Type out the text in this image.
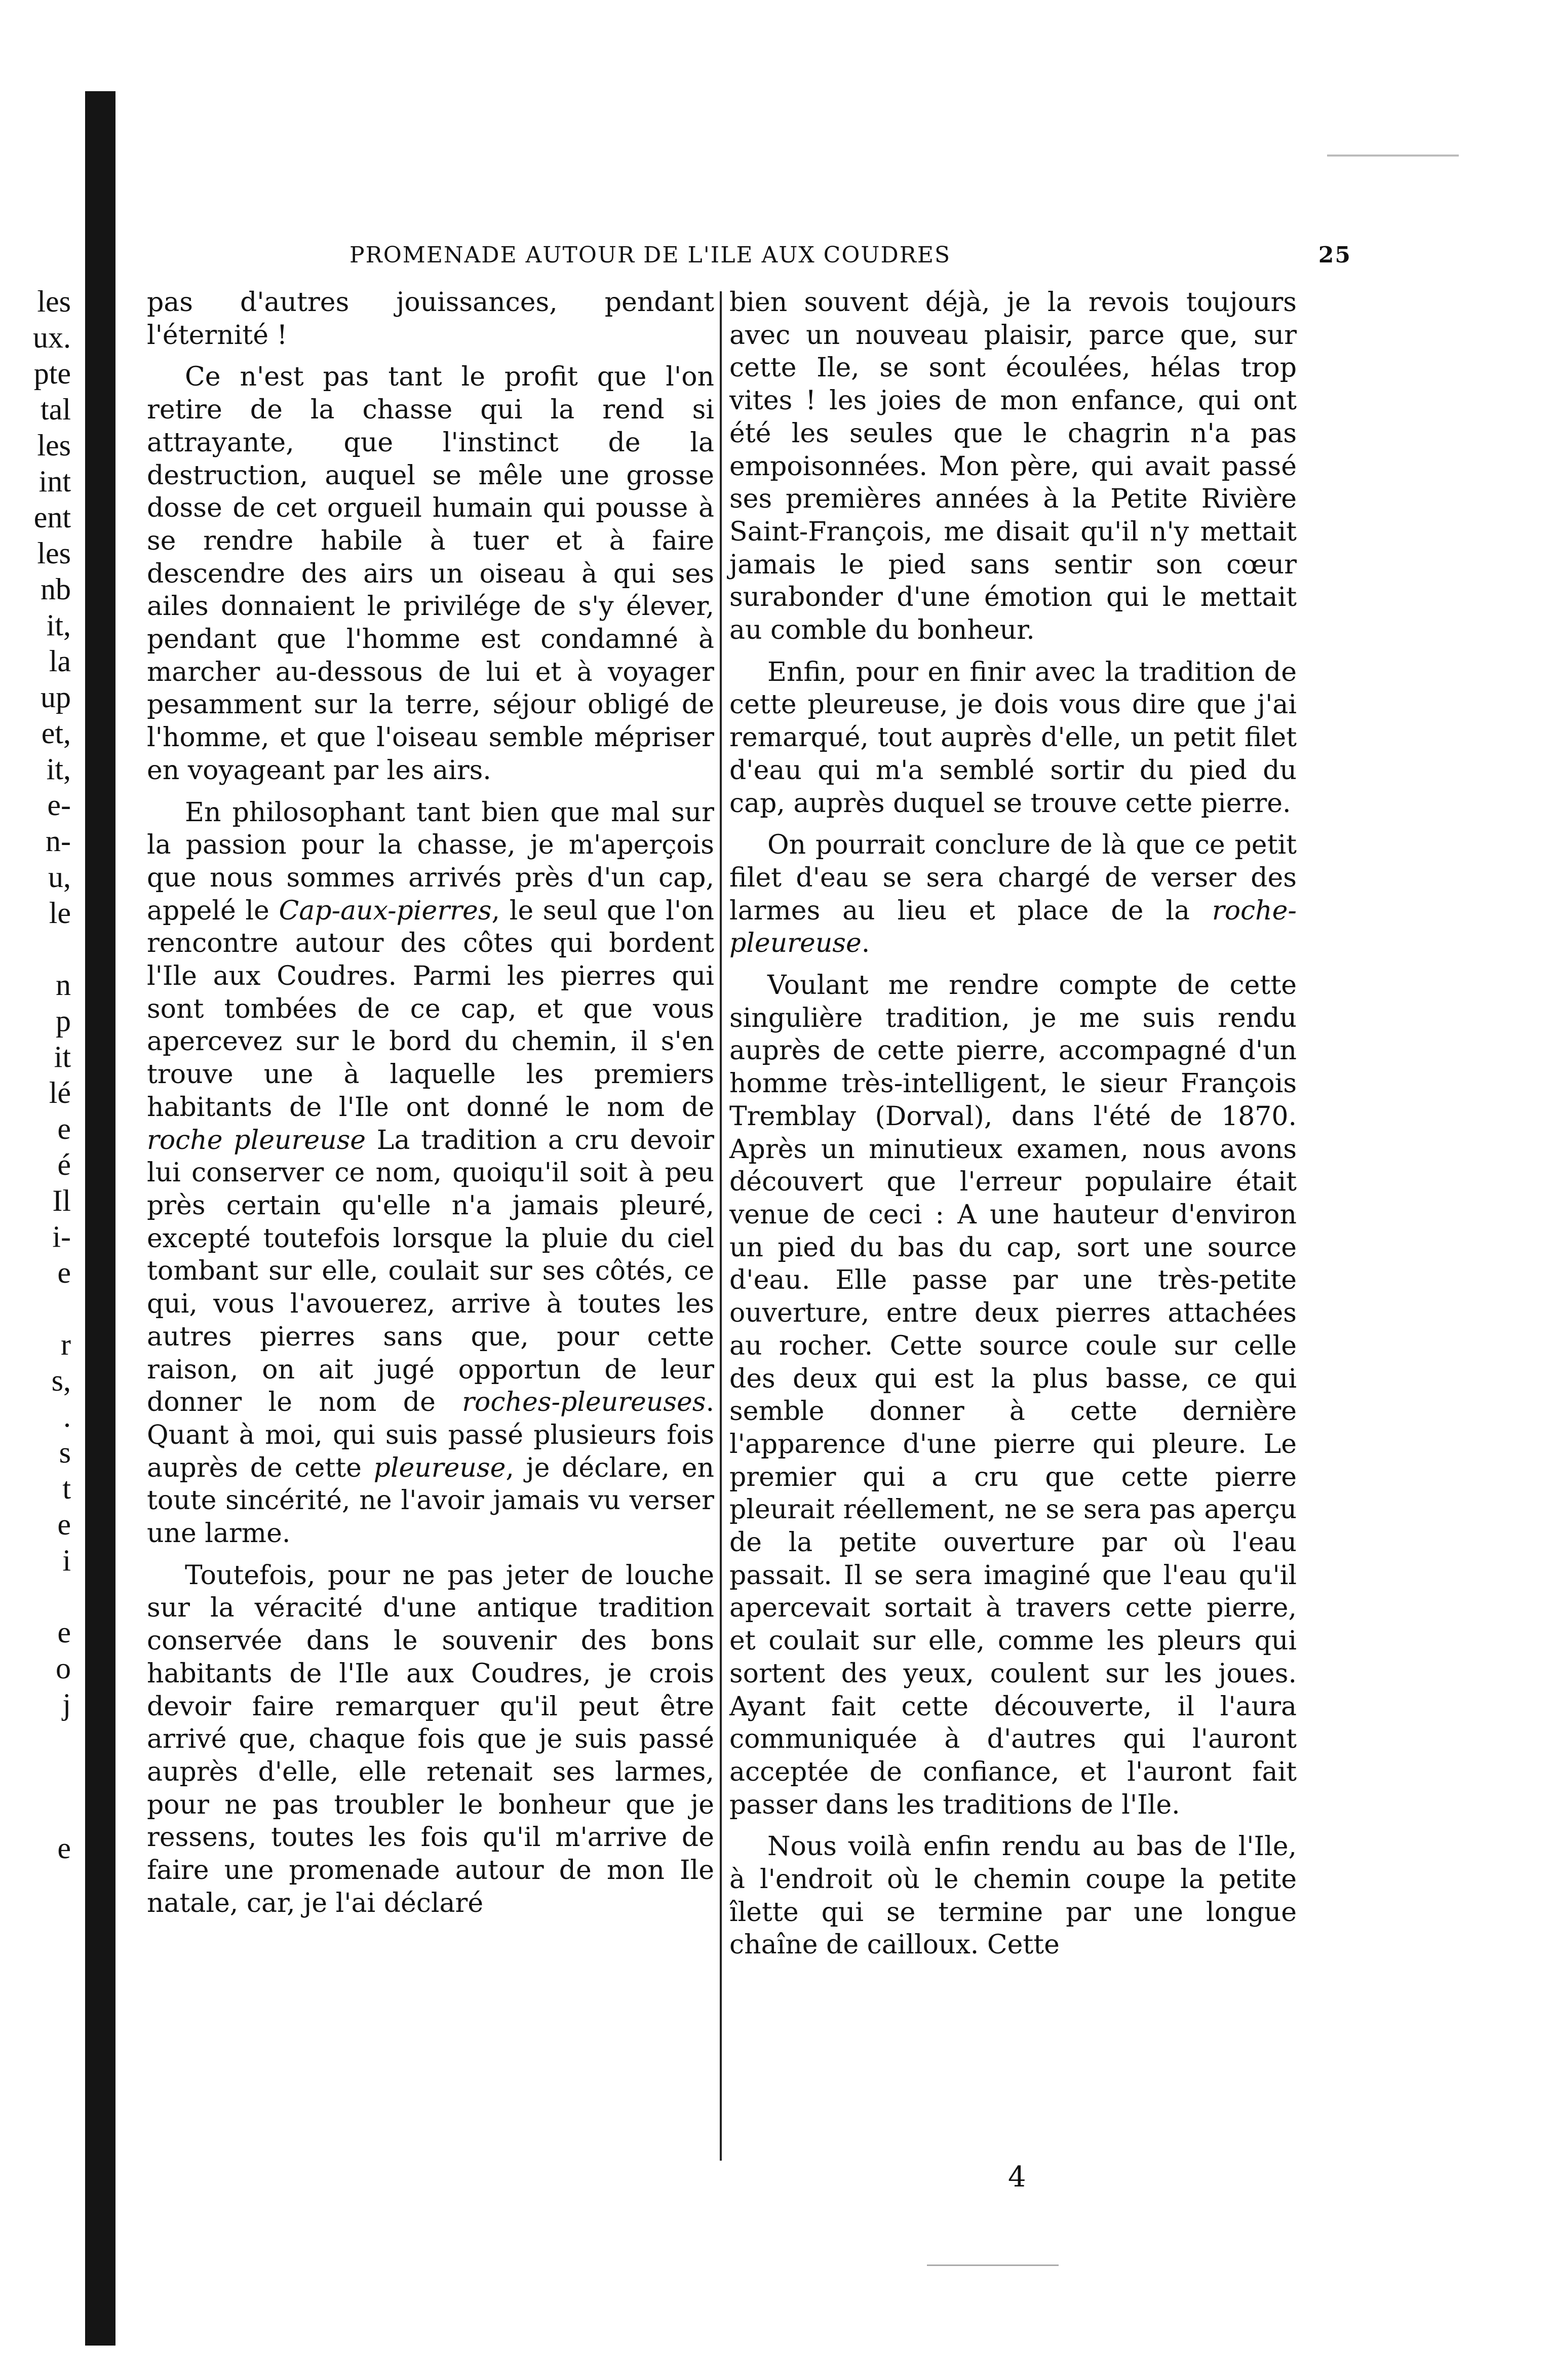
les
ux.
pte
tal
les
int
ent
les
nb
it,
la
up
et,
it,
e-
n-
u,
le

n
p
it
lé
e
é
Il
i-
e

r
s,
.
s
t
e
i

e
o
j

e
PROMENADE AUTOUR DE L'ILE AUX COUDRES	25

pas d'autres jouissances, pendant l'éternité !

Ce n'est pas tant le profit que l'on retire de la chasse qui la rend si attrayante, que l'instinct de la destruction, auquel se mêle une grosse dosse de cet orgueil humain qui pousse à se rendre habile à tuer et à faire descendre des airs un oiseau à qui ses ailes donnaient le privilége de s'y élever, pendant que l'homme est condamné à marcher au-dessous de lui et à voyager pesamment sur la terre, séjour obligé de l'homme, et que l'oiseau semble mépriser en voyageant par les airs.

En philosophant tant bien que mal sur la passion pour la chasse, je m'aperçois que nous sommes arrivés près d'un cap, appelé le Cap-aux-pierres, le seul que l'on rencontre autour des côtes qui bordent l'Ile aux Coudres. Parmi les pierres qui sont tombées de ce cap, et que vous apercevez sur le bord du chemin, il s'en trouve une à laquelle les premiers habitants de l'Ile ont donné le nom de roche pleureuse La tradition a cru devoir lui conserver ce nom, quoiqu'il soit à peu près certain qu'elle n'a jamais pleuré, excepté toutefois lorsque la pluie du ciel tombant sur elle, coulait sur ses côtés, ce qui, vous l'avouerez, arrive à toutes les autres pierres sans que, pour cette raison, on ait jugé opportun de leur donner le nom de roches-pleureuses. Quant à moi, qui suis passé plusieurs fois auprès de cette pleureuse, je déclare, en toute sincérité, ne l'avoir jamais vu verser une larme.

Toutefois, pour ne pas jeter de louche sur la véracité d'une antique tradition conservée dans le souvenir des bons habitants de l'Ile aux Coudres, je crois devoir faire remarquer qu'il peut être arrivé que, chaque fois que je suis passé auprès d'elle, elle retenait ses larmes, pour ne pas troubler le bonheur que je ressens, toutes les fois qu'il m'arrive de faire une promenade autour de mon Ile natale, car, je l'ai déclaré

bien souvent déjà, je la revois toujours avec un nouveau plaisir, parce que, sur cette Ile, se sont écoulées, hélas trop vites ! les joies de mon enfance, qui ont été les seules que le chagrin n'a pas empoisonnées. Mon père, qui avait passé ses premières années à la Petite Rivière Saint-François, me disait qu'il n'y mettait jamais le pied sans sentir son cœur surabonder d'une émotion qui le mettait au comble du bonheur.

Enfin, pour en finir avec la tradition de cette pleureuse, je dois vous dire que j'ai remarqué, tout auprès d'elle, un petit filet d'eau qui m'a semblé sortir du pied du cap, auprès duquel se trouve cette pierre.

On pourrait conclure de là que ce petit filet d'eau se sera chargé de verser des larmes au lieu et place de la roche-pleureuse.

Voulant me rendre compte de cette singulière tradition, je me suis rendu auprès de cette pierre, accompagné d'un homme très-intelligent, le sieur François Tremblay (Dorval), dans l'été de 1870. Après un minutieux examen, nous avons découvert que l'erreur populaire était venue de ceci : A une hauteur d'environ un pied du bas du cap, sort une source d'eau. Elle passe par une très-petite ouverture, entre deux pierres attachées au rocher. Cette source coule sur celle des deux qui est la plus basse, ce qui semble donner à cette dernière l'apparence d'une pierre qui pleure. Le premier qui a cru que cette pierre pleurait réellement, ne se sera pas aperçu de la petite ouverture par où l'eau passait. Il se sera imaginé que l'eau qu'il apercevait sortait à travers cette pierre, et coulait sur elle, comme les pleurs qui sortent des yeux, coulent sur les joues. Ayant fait cette découverte, il l'aura communiquée à d'autres qui l'auront acceptée de confiance, et l'auront fait passer dans les traditions de l'Ile.

Nous voilà enfin rendu au bas de l'Ile, à l'endroit où le chemin coupe la petite îlette qui se termine par une longue chaîne de cailloux. Cette

4
